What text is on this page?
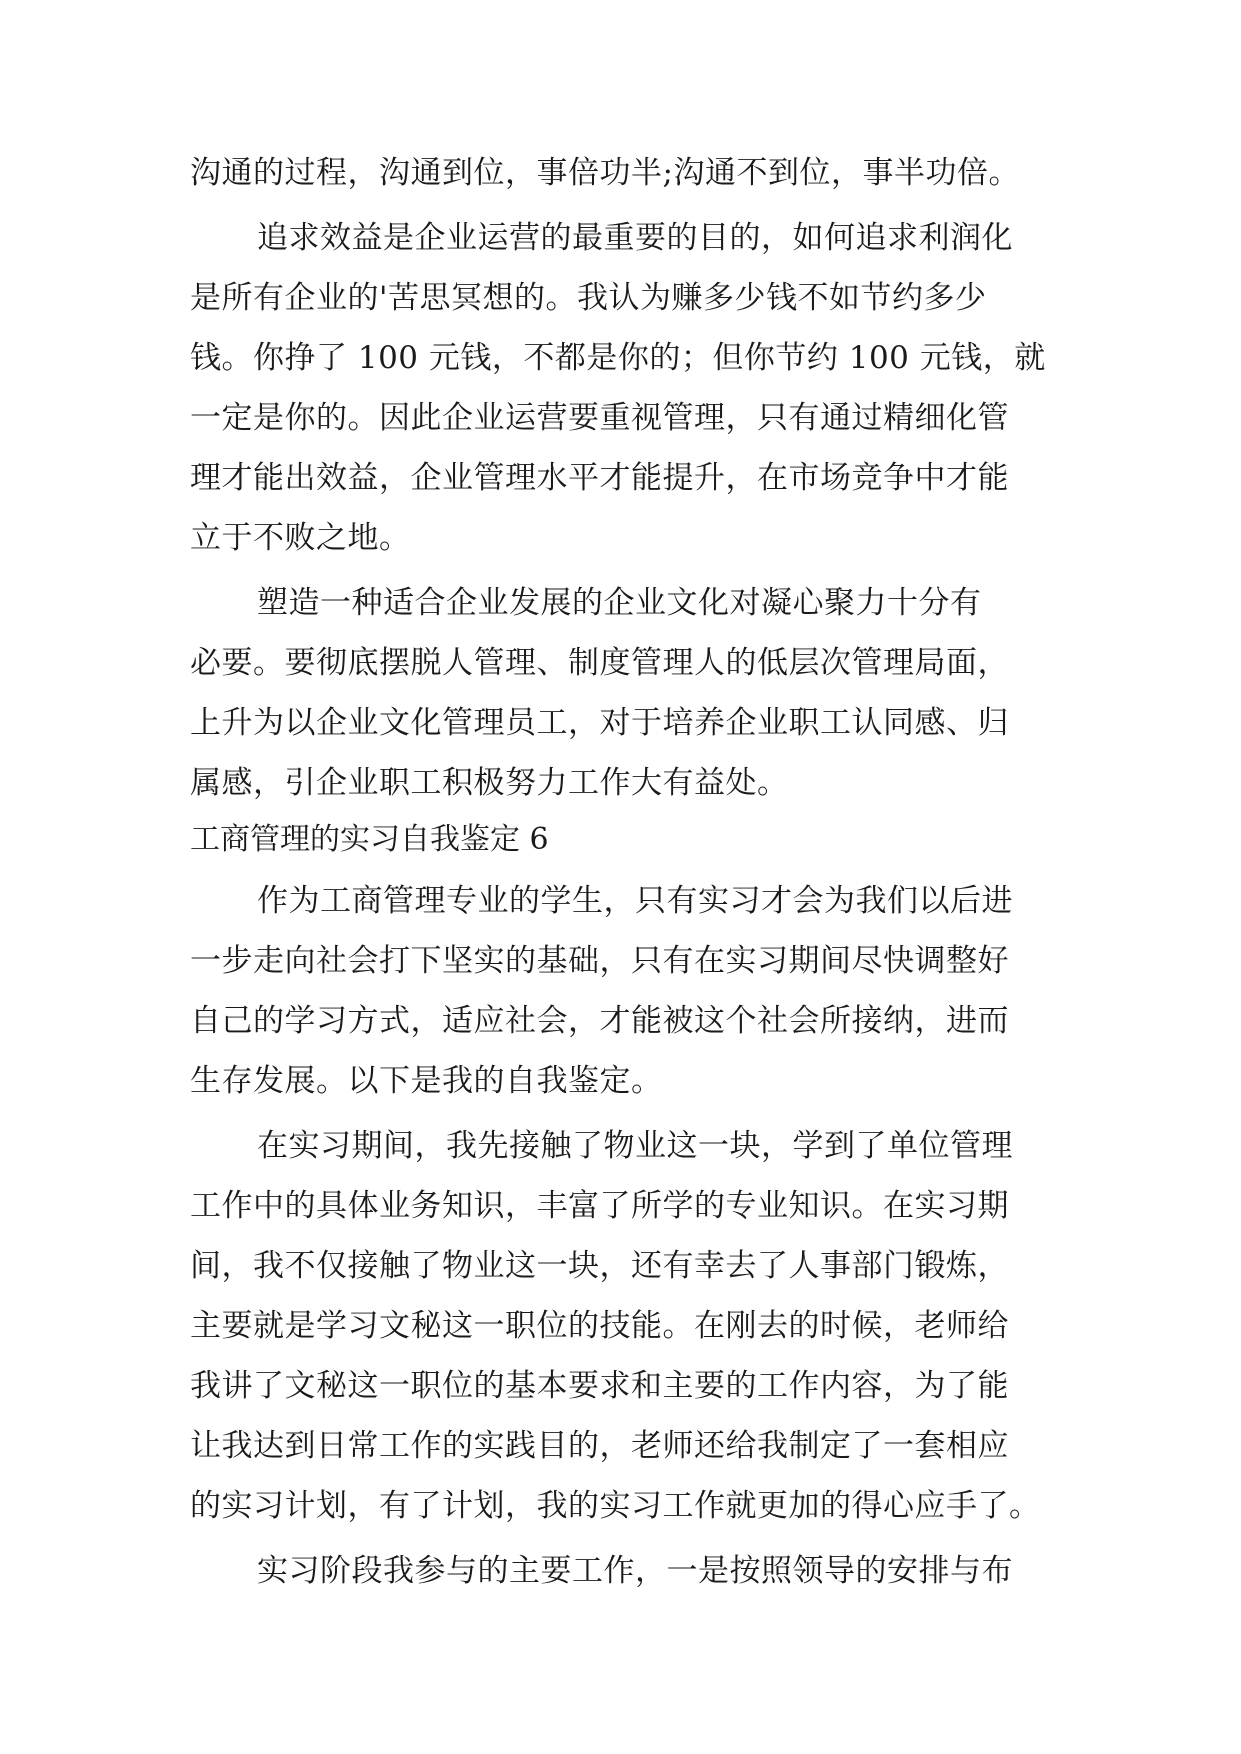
沟通的过程，沟通到位，事倍功半;沟通不到位，事半功倍。
追求效益是企业运营的最重要的目的，如何追求利润化
是所有企业的'苦思冥想的。我认为赚多少钱不如节约多少
钱。你挣了 100 元钱，不都是你的；但你节约 100 元钱，就
一定是你的。因此企业运营要重视管理，只有通过精细化管
理才能出效益，企业管理水平才能提升，在市场竞争中才能
立于不败之地。
塑造一种适合企业发展的企业文化对凝心聚力十分有
必要。要彻底摆脱人管理、制度管理人的低层次管理局面，
上升为以企业文化管理员工，对于培养企业职工认同感、归
属感，引企业职工积极努力工作大有益处。
工商管理的实习自我鉴定 6
作为工商管理专业的学生，只有实习才会为我们以后进
一步走向社会打下坚实的基础，只有在实习期间尽快调整好
自己的学习方式，适应社会，才能被这个社会所接纳，进而
生存发展。以下是我的自我鉴定。
在实习期间，我先接触了物业这一块，学到了单位管理
工作中的具体业务知识，丰富了所学的专业知识。在实习期
间，我不仅接触了物业这一块，还有幸去了人事部门锻炼，
主要就是学习文秘这一职位的技能。在刚去的时候，老师给
我讲了文秘这一职位的基本要求和主要的工作内容，为了能
让我达到日常工作的实践目的，老师还给我制定了一套相应
的实习计划，有了计划，我的实习工作就更加的得心应手了。
实习阶段我参与的主要工作，一是按照领导的安排与布
